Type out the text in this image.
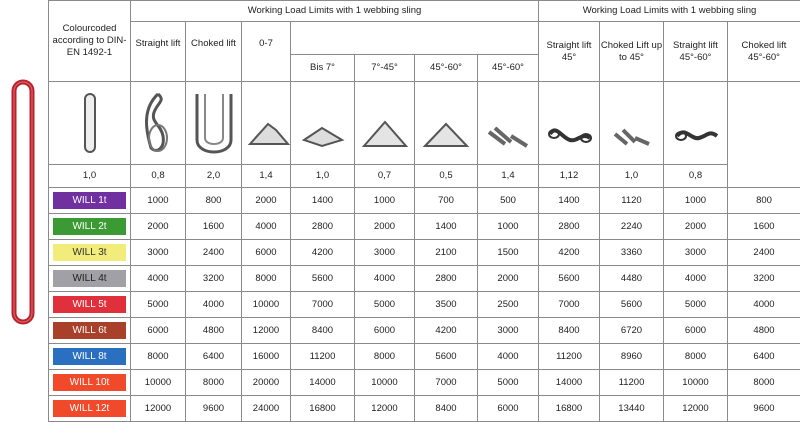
Colourcoded according to DIN-EN 1492-1	Working Load Limits with 1 webbing sling							Working Load Limits with 1 webbing sling			
	Straight lift	Choked lift	0-7					Straight lift 45°	Choked Lift up to 45°	Straight lift 45°-60°	Choked lift 45°-60°
				Bis 7°	7°-45°	45°-60°	45°-60°				

1,0	0,8	2,0	1,4	1,0	0,7	0,5	1,4	1,12	1,0	0,8	

WILL 1t	1000	800	2000	1400	1000	700	500	1400	1120	1000	800

WILL 2t	2000	1600	4000	2800	2000	1400	1000	2800	2240	2000	1600

WILL 3t	3000	2400	6000	4200	3000	2100	1500	4200	3360	3000	2400

WILL 4t	4000	3200	8000	5600	4000	2800	2000	5600	4480	4000	3200

WILL 5t	5000	4000	10000	7000	5000	3500	2500	7000	5600	5000	4000

WILL 6t	6000	4800	12000	8400	6000	4200	3000	8400	6720	6000	4800

WILL 8t	8000	6400	16000	11200	8000	5600	4000	11200	8960	8000	6400

WILL 10t	10000	8000	20000	14000	10000	7000	5000	14000	11200	10000	8000

WILL 12t	12000	9600	24000	16800	12000	8400	6000	16800	13440	12000	9600
